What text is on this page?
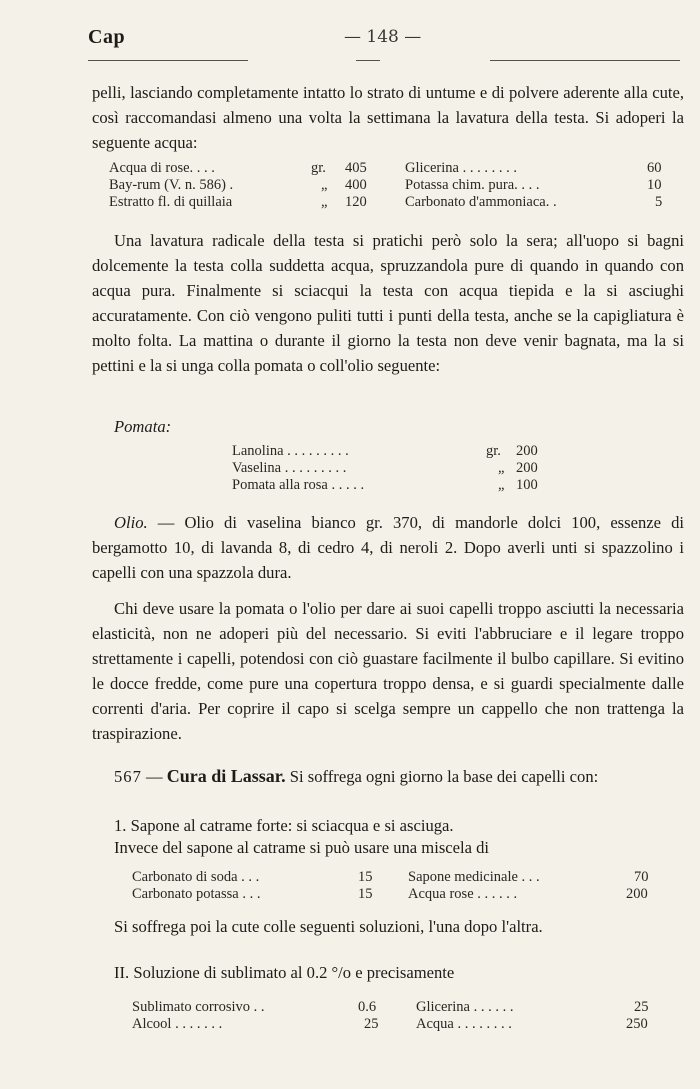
Cap	— 148 —

pelli, lasciando completamente intatto lo strato di untume e di polvere aderente alla cute, così raccomandasi almeno una volta la settimana la lavatura della testa. Si adoperi la seguente acqua:

Acqua di rose. . . .	gr. 405	Glicerina . . . . . . . .	60
Bay-rum (V. n. 586) .	„ 400	Potassa chim. pura. . . .	10
Estratto fl. di quillaia	„ 120	Carbonato d'ammoniaca. .	5

Una lavatura radicale della testa si pratichi però solo la sera; all'uopo si bagni dolcemente la testa colla suddetta acqua, spruzzandola pure di quando in quando con acqua pura. Finalmente si sciacqui la testa con acqua tiepida e la si asciughi accuratamente. Con ciò vengono puliti tutti i punti della testa, anche se la capigliatura è molto folta. La mattina o durante il giorno la testa non deve venir bagnata, ma la si pettini e la si unga colla pomata o coll'olio seguente:

Pomata:

Lanolina . . . . . . . . .	gr. 200
Vaselina . . . . . . . . .	„ 200
Pomata alla rosa . . . . .	„ 100

Olio. — Olio di vaselina bianco gr. 370, di mandorle dolci 100, essenze di bergamotto 10, di lavanda 8, di cedro 4, di neroli 2. Dopo averli unti si spazzolino i capelli con una spazzola dura.

Chi deve usare la pomata o l'olio per dare ai suoi capelli troppo asciutti la necessaria elasticità, non ne adoperi più del necessario. Si eviti l'abbruciare e il legare troppo strettamente i capelli, potendosi con ciò guastare facilmente il bulbo capillare. Si evitino le docce fredde, come pure una copertura troppo densa, e si guardi specialmente dalle correnti d'aria. Per coprire il capo si scelga sempre un cappello che non trattenga la traspirazione.

567 — Cura di Lassar. Si soffrega ogni giorno la base dei capelli con:

1. Sapone al catrame forte: si sciacqua e si asciuga.

Invece del sapone al catrame si può usare una miscela di

Carbonato di soda . . .	15 Sapone medicinale . . .	70
Carbonato potassa . . .	15 Acqua rose . . . . . .	200

Si soffrega poi la cute colle seguenti soluzioni, l'una dopo l'altra.

II. Soluzione di sublimato al 0.2 °/o e precisamente

Sublimato corrosivo . .	0.6	Glicerina . . . . . .	25
Alcool . . . . . . .	25	Acqua . . . . . . . .	250
